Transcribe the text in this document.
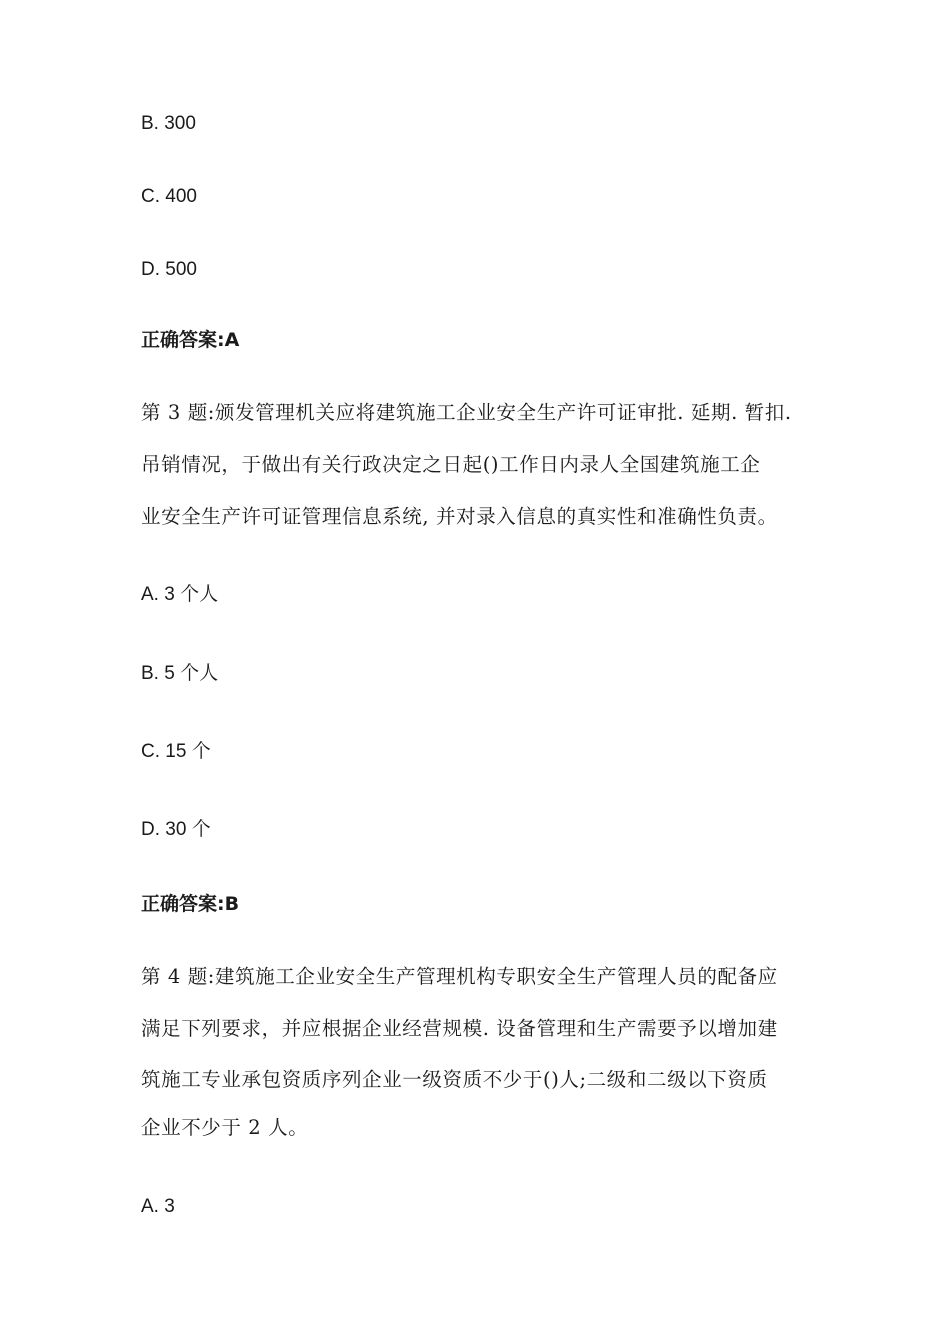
B. 300
C. 400
D. 500
正确答案:A
第 3 题:颁发管理机关应将建筑施工企业安全生产许可证审批. 延期. 暂扣.
吊销情况，于做出有关行政决定之日起()工作日内录人全国建筑施工企
业安全生产许可证管理信息系统, 并对录入信息的真实性和准确性负责。
A. 3 个人
B. 5 个人
C. 15 个
D. 30 个
正确答案:B
第 4 题:建筑施工企业安全生产管理机构专职安全生产管理人员的配备应
满足下列要求，并应根据企业经营规模. 设备管理和生产需要予以增加建
筑施工专业承包资质序列企业一级资质不少于()人;二级和二级以下资质
企业不少于 2 人。
A. 3
